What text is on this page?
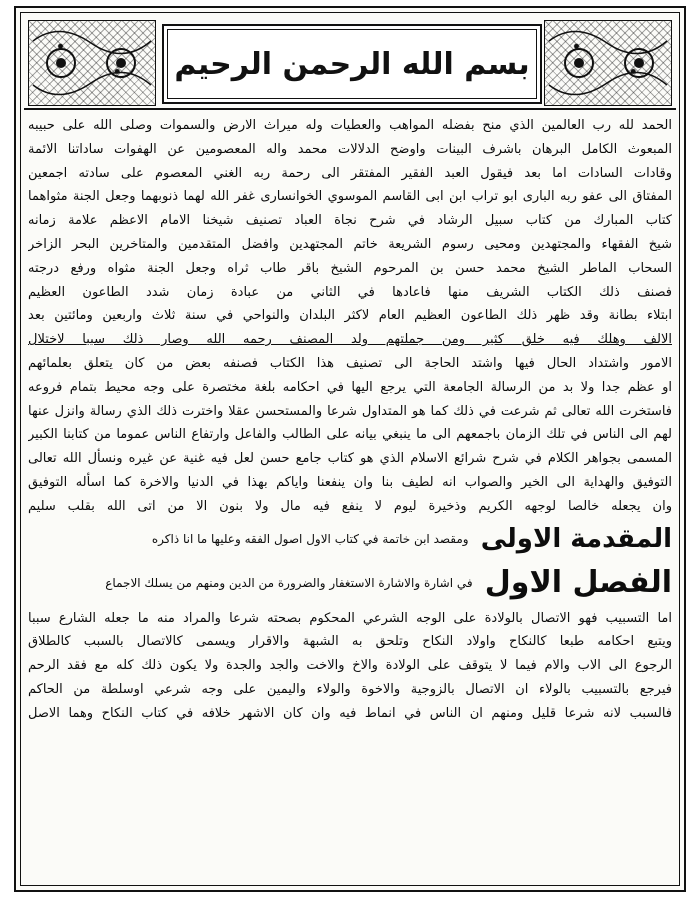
بسم الله الرحمن الرحيم
الحمد لله رب العالمين الذي منح بفضله المواهب والعطيات وله ميراث الارض والسموات وصلى الله على حبيبه
المبعوث الكامل البرهان باشرف البينات واوضح الدلالات محمد واله المعصومين عن الهفوات ساداتنا الائمة
وقادات السادات اما بعد فيقول العبد الفقير المفتقر الى رحمة ربه الغني المعصوم على سادته اجمعين
المفتاق الى عفو ربه البارى ابو تراب ابن ابى القاسم الموسوي الخوانسارى غفر الله لهما ذنوبهما وجعل الجنة مثواهما
كتاب المبارك من كتاب سبيل الرشاد في شرح نجاة العباد تصنيف شيخنا الامام الاعظم علامة زمانه
شيخ الفقهاء والمجتهدين ومحيى رسوم الشريعة خاتم المجتهدين وافضل المتقدمين والمتاخرين البحر الزاخر
السحاب الماطر الشيخ محمد حسن بن المرحوم الشيخ باقر طاب ثراه وجعل الجنة مثواه ورفع درجته
فصنف ذلك الكتاب الشريف منها فاعادها في الثاني من عبادة زمان شدد الطاعون العظيم
ابتلاء بطانة وقد ظهر ذلك الطاعون العظيم العام لاكثر البلدان والنواحي في سنة ثلاث واربعين ومائتين بعد
الالف وهلك فيه خلق كثير ومن جملتهم ولد المصنف رحمه الله وصار ذلك سببا لاختلال
الامور واشتداد الحال فيها واشتد الحاجة الى تصنيف هذا الكتاب فصنفه بعض من كان يتعلق بعلمائهم
او عظم جدا ولا بد من الرسالة الجامعة التي يرجع اليها في احكامه بلغة مختصرة على وجه محيط بتمام فروعه
فاستخرت الله تعالى ثم شرعت في ذلك كما هو المتداول شرعا والمستحسن عقلا واخترت ذلك الذي رسالة وانزل عنها
لهم الى الناس في تلك الزمان باجمعهم الى ما ينبغي بيانه على الطالب والفاعل وارتفاع الناس عموما من كتابنا الكبير
المسمى بجواهر الكلام في شرح شرائع الاسلام الذي هو كتاب جامع حسن لعل فيه غنية عن غيره ونسأل الله تعالى
التوفيق والهداية الى الخير والصواب انه لطيف بنا وان ينفعنا واياكم بهذا في الدنيا والاخرة كما اسأله التوفيق
وان يجعله خالصا لوجهه الكريم وذخيرة ليوم لا ينفع فيه مال ولا بنون الا من اتى الله بقلب سليم
المقدمة الاولى ومقصد ابن خاتمة في كتاب الاول اصول الفقه وعليها ما انا ذاكره
الفصل الاول في اشارة والاشارة الاستغفار والضرورة من الدين ومنهم من يسلك الاجماع
اما التسبيب فهو الاتصال بالولادة على الوجه الشرعي المحكوم بصحته شرعا والمراد منه ما جعله الشارع سببا
ويتبع احكامه طبعا كالنكاح واولاد النكاح وتلحق به الشبهة والاقرار ويسمى كالاتصال بالسبب كالطلاق
الرجوع الى الاب والام فيما لا يتوقف على الولادة والاخ والاخت والجد والجدة ولا يكون ذلك كله مع فقد الرحم
فيرجع بالتسبيب بالولاء ان الاتصال بالزوجية والاخوة والولاء واليمين على وجه شرعي اوسلطة من الحاكم
فالسبب لانه شرعا قليل ومنهم ان الناس في انماط فيه وان كان الاشهر خلافه في كتاب النكاح وهما الاصل
